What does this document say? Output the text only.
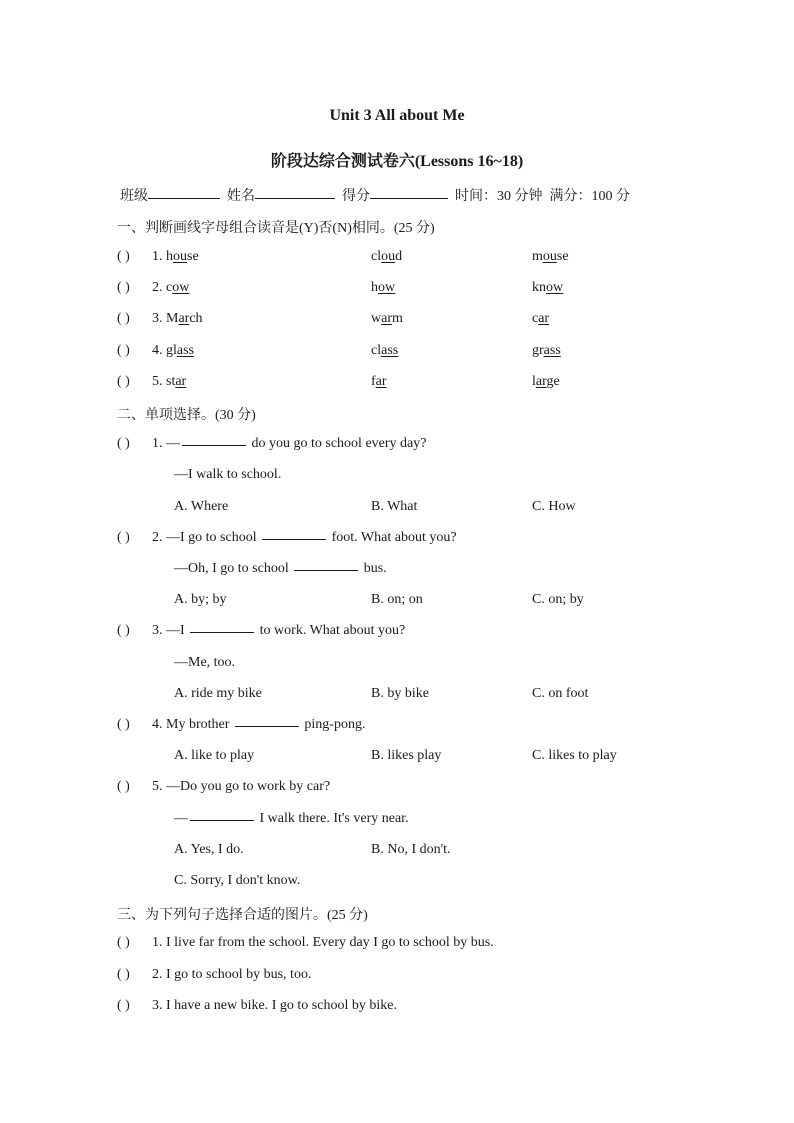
Unit 3 All about Me
阶段达综合测试卷六(Lessons 16~18)
班级	姓名	得分	时间：30 分钟 满分：100 分
一、判断画线字母组合读音是(Y)否(N)相同。(25 分)
( ) 1. house	cloud	mouse
( ) 2. cow	how	know
( ) 3. March	warm	car
( ) 4. glass	class	grass
( ) 5. star	far	large
二、单项选择。(30 分)
( ) 1. —	do you go to school every day?
—I walk to school.
A. Where	B. What	C. How
( ) 2. —I go to school	foot. What about you?
—Oh, I go to school	bus.
A. by; by	B. on; on	C. on; by
( ) 3. —I	to work. What about you?
—Me, too.
A. ride my bike	B. by bike	C. on foot
( ) 4. My brother	ping-pong.
A. like to play	B. likes play	C. likes to play
( ) 5. —Do you go to work by car?
—	I walk there. It's very near.
A. Yes, I do.	B. No, I don't.
C. Sorry, I don't know.
三、为下列句子选择合适的图片。(25 分)
( ) 1. I live far from the school. Every day I go to school by bus.
( ) 2. I go to school by bus, too.
( ) 3. I have a new bike. I go to school by bike.
